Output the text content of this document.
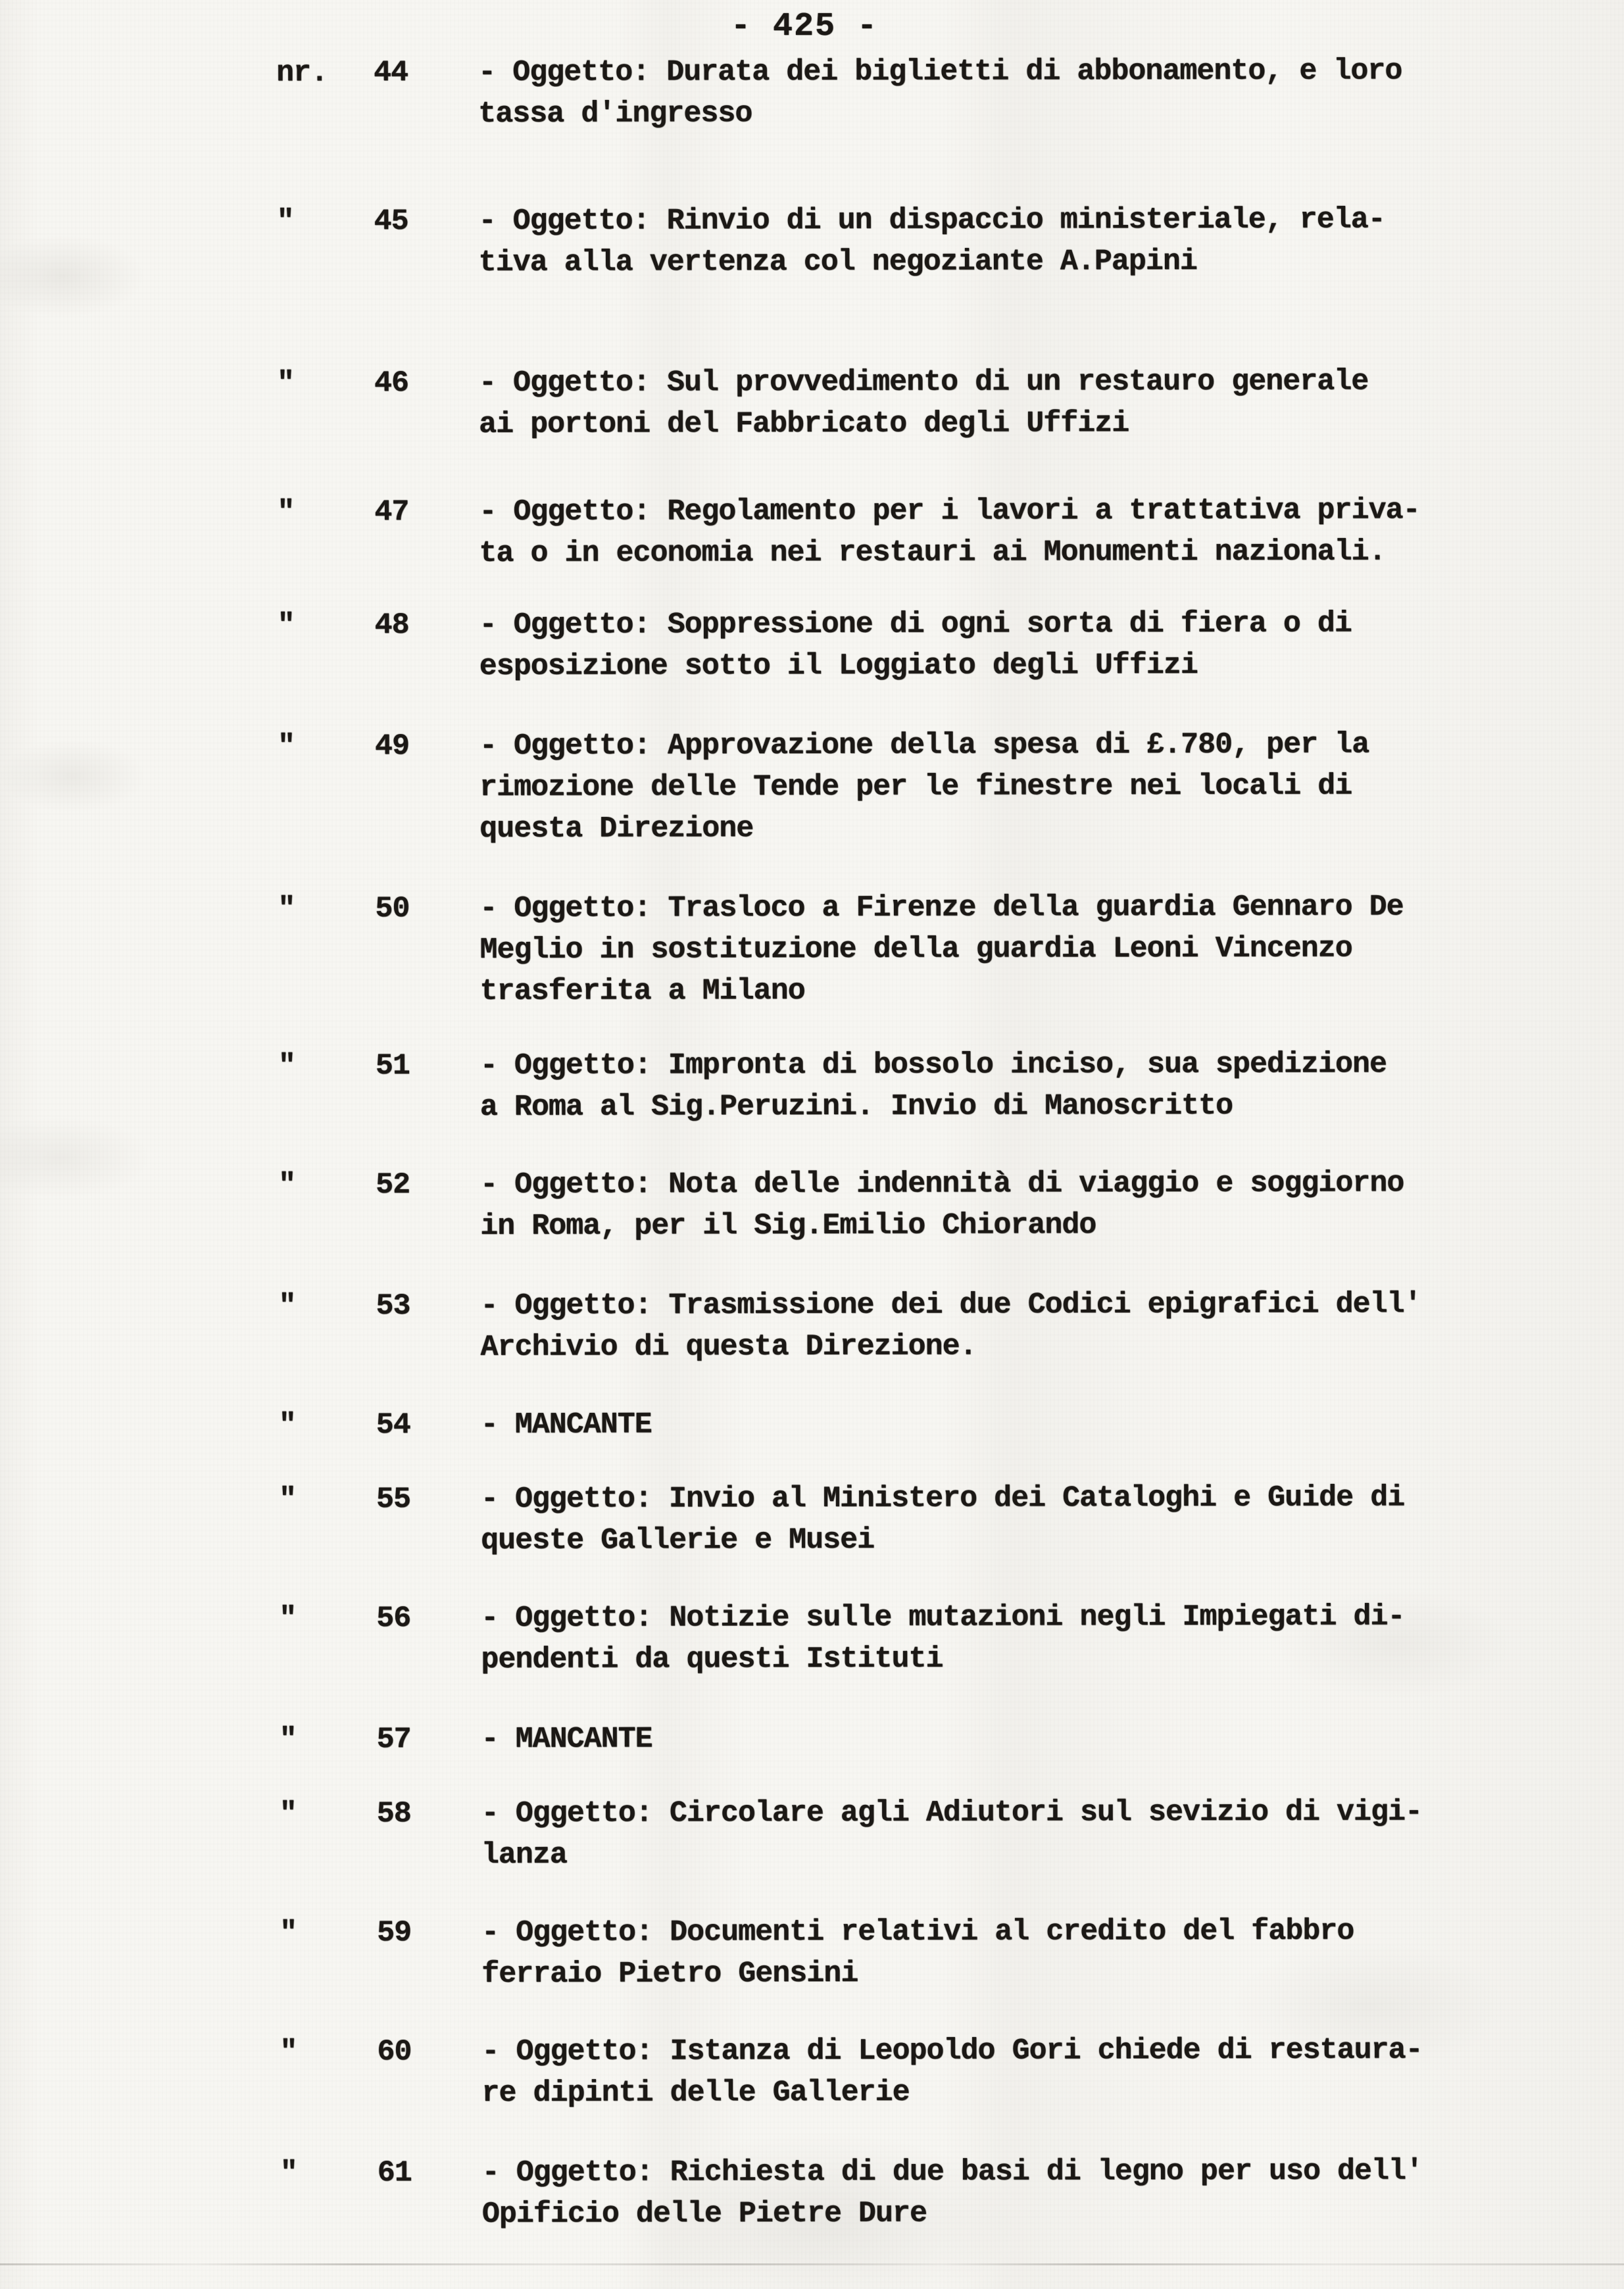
- 425 -
nr.	44	- Oggetto: Durata dei biglietti di abbonamento, e loro
tassa d'ingresso
"	45	- Oggetto: Rinvio di un dispaccio ministeriale, rela-
tiva alla vertenza col negoziante A.Papini
"	46	- Oggetto: Sul provvedimento di un restauro generale
ai portoni del Fabbricato degli Uffizi
"	47	- Oggetto: Regolamento per i lavori a trattativa priva-
ta o in economia nei restauri ai Monumenti nazionali.
"	48	- Oggetto: Soppressione di ogni sorta di fiera o di
esposizione sotto il Loggiato degli Uffizi
"	49	- Oggetto: Approvazione della spesa di £.780, per la
rimozione delle Tende per le finestre nei locali di
questa Direzione
"	50	- Oggetto: Trasloco a Firenze della guardia Gennaro De
Meglio in sostituzione della guardia Leoni Vincenzo
trasferita a Milano
"	51	- Oggetto: Impronta di bossolo inciso, sua spedizione
a Roma al Sig.Peruzini. Invio di Manoscritto
"	52	- Oggetto: Nota delle indennità di viaggio e soggiorno
in Roma, per il Sig.Emilio Chiorando
"	53	- Oggetto: Trasmissione dei due Codici epigrafici dell'
Archivio di questa Direzione.
"	54	- MANCANTE
"	55	- Oggetto: Invio al Ministero dei Cataloghi e Guide di
queste Gallerie e Musei
"	56	- Oggetto: Notizie sulle mutazioni negli Impiegati di-
pendenti da questi Istituti
"	57	- MANCANTE
"	58	- Oggetto: Circolare agli Adiutori sul sevizio di vigi-
lanza
"	59	- Oggetto: Documenti relativi al credito del fabbro
ferraio Pietro Gensini
"	60	- Oggetto: Istanza di Leopoldo Gori chiede di restaura-
re dipinti delle Gallerie
"	61	- Oggetto: Richiesta di due basi di legno per uso dell'
Opificio delle Pietre Dure
